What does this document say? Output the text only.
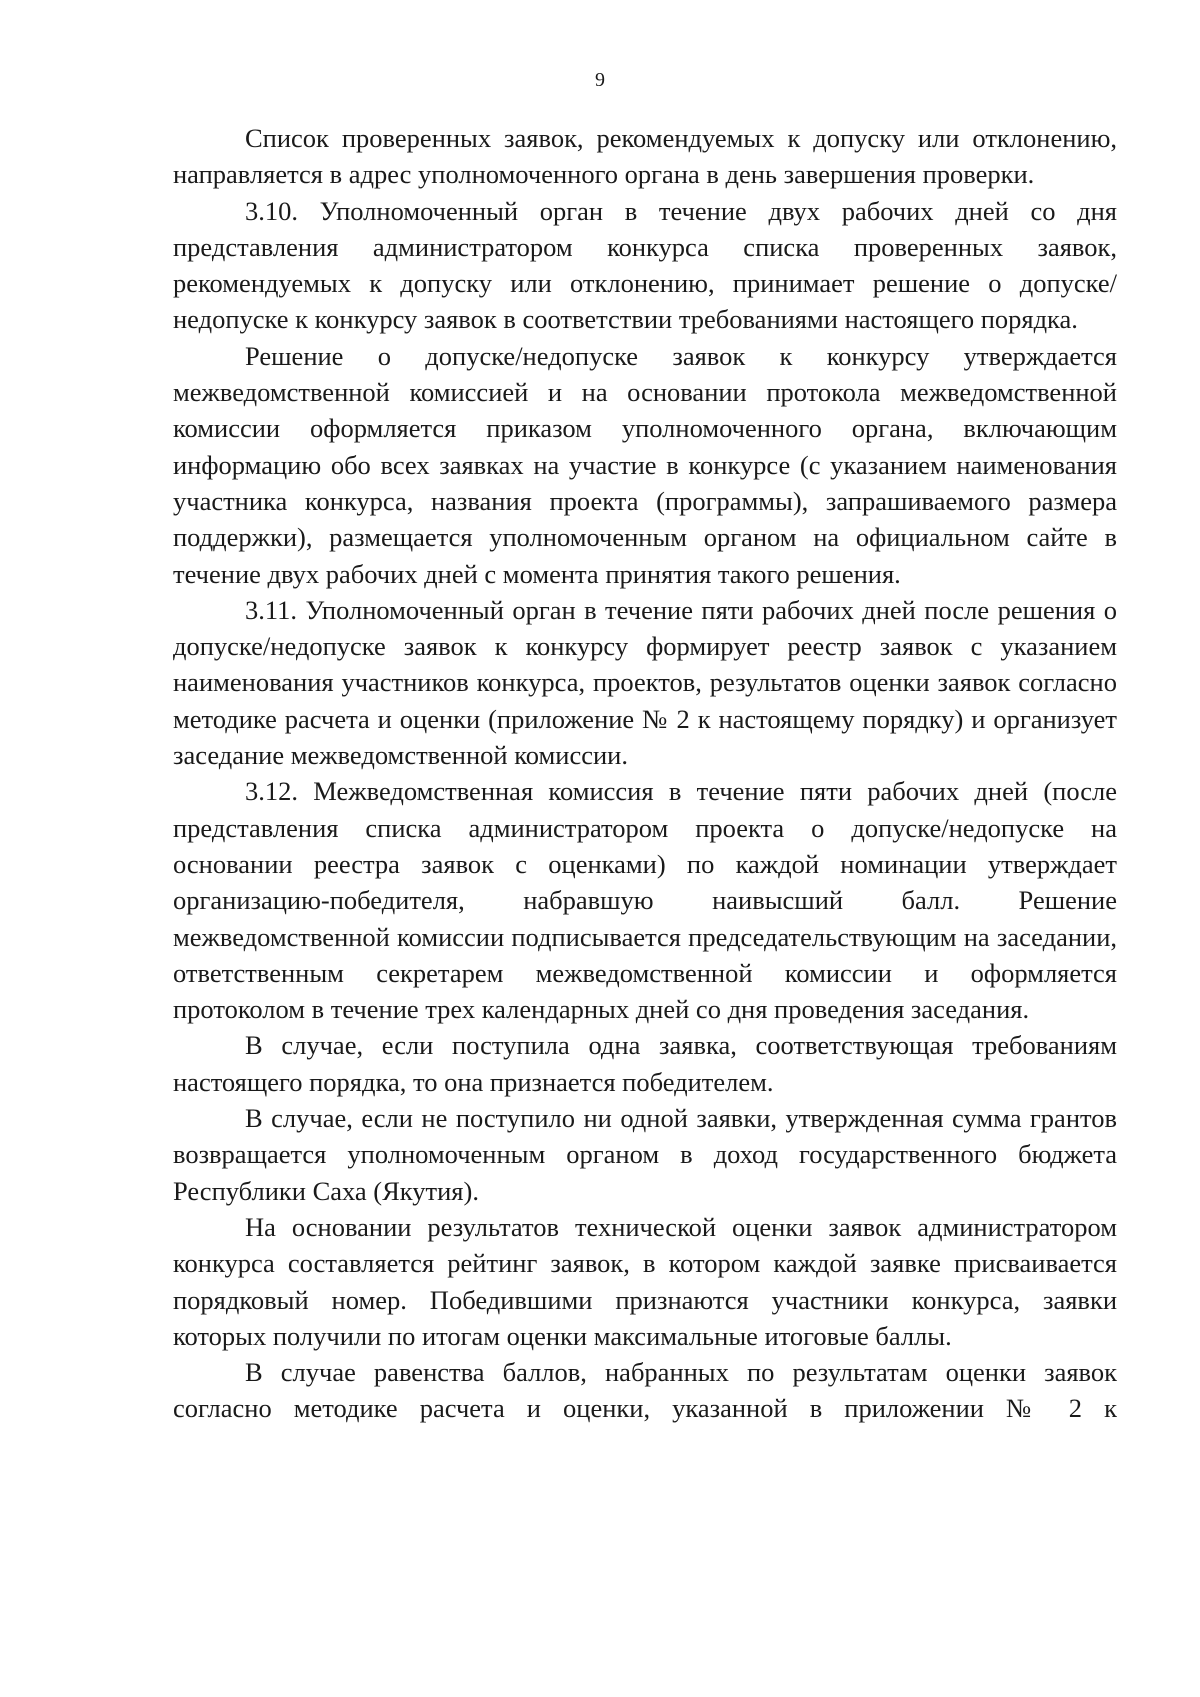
9

Список проверенных заявок, рекомендуемых к допуску или отклонению, направляется в адрес уполномоченного органа в день завершения проверки.

3.10. Уполномоченный орган в течение двух рабочих дней со дня представления администратором конкурса списка проверенных заявок, рекомендуемых к допуску или отклонению, принимает решение о допуске/недопуске к конкурсу заявок в соответствии требованиями настоящего порядка.

Решение о допуске/недопуске заявок к конкурсу утверждается межведомственной комиссией и на основании протокола межведомственной комиссии оформляется приказом уполномоченного органа, включающим информацию обо всех заявках на участие в конкурсе (с указанием наименования участника конкурса, названия проекта (программы), запрашиваемого размера поддержки), размещается уполномоченным органом на официальном сайте в течение двух рабочих дней с момента принятия такого решения.

3.11. Уполномоченный орган в течение пяти рабочих дней после решения о допуске/недопуске заявок к конкурсу формирует реестр заявок с указанием наименования участников конкурса, проектов, результатов оценки заявок согласно методике расчета и оценки (приложение № 2 к настоящему порядку) и организует заседание межведомственной комиссии.

3.12. Межведомственная комиссия в течение пяти рабочих дней (после представления списка администратором проекта о допуске/недопуске на основании реестра заявок с оценками) по каждой номинации утверждает организацию-победителя, набравшую наивысший балл. Решение межведомственной комиссии подписывается председательствующим на заседании, ответственным секретарем межведомственной комиссии и оформляется протоколом в течение трех календарных дней со дня проведения заседания.

В случае, если поступила одна заявка, соответствующая требованиям настоящего порядка, то она признается победителем.

В случае, если не поступило ни одной заявки, утвержденная сумма грантов возвращается уполномоченным органом в доход государственного бюджета Республики Саха (Якутия).

На основании результатов технической оценки заявок администратором конкурса составляется рейтинг заявок, в котором каждой заявке присваивается порядковый номер. Победившими признаются участники конкурса, заявки которых получили по итогам оценки максимальные итоговые баллы.

В случае равенства баллов, набранных по результатам оценки заявок согласно методике расчета и оценки, указанной в приложении № 2 к
